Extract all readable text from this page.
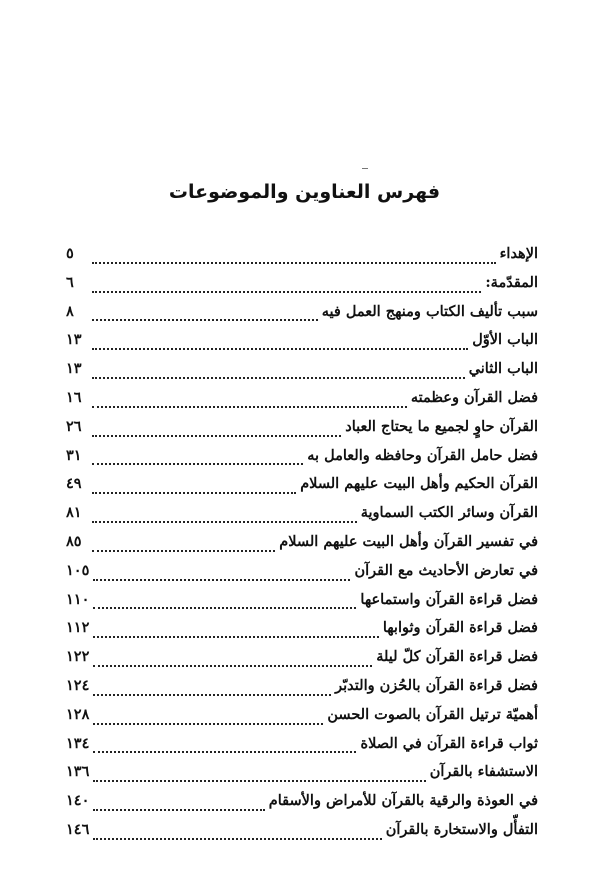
فهرس العناوين والموضوعات
الإهداء
٥
المقدّمة:
٦
سبب تأليف الكتاب ومنهج العمل فيه
٨
الباب الأوّل
١٣
الباب الثاني
١٣
فضل القرآن وعظمته
١٦
القرآن حاوٍ لجميع ما يحتاج العباد
٢٦
فضل حامل القرآن وحافظه والعامل به
٣١
القرآن الحكيم وأهل البيت عليهم السلام
٤٩
القرآن وسائر الكتب السماوية
٨١
في تفسير القرآن وأهل البيت عليهم السلام
٨٥
في تعارض الأحاديث مع القرآن
١٠٥
فضل قراءة القرآن واستماعها
١١٠
فضل قراءة القرآن وثوابها
١١٢
فضل قراءة القرآن كلّ ليلة
١٢٢
فضل قراءة القرآن بالحُزن والتدبّر
١٢٤
أهميّة ترتيل القرآن بالصوت الحسن
١٢٨
ثواب قراءة القرآن في الصلاة
١٣٤
الاستشفاء بالقرآن
١٣٦
في العوذة والرقية بالقرآن للأمراض والأسقام
١٤٠
التفأّل والاستخارة بالقرآن
١٤٦
